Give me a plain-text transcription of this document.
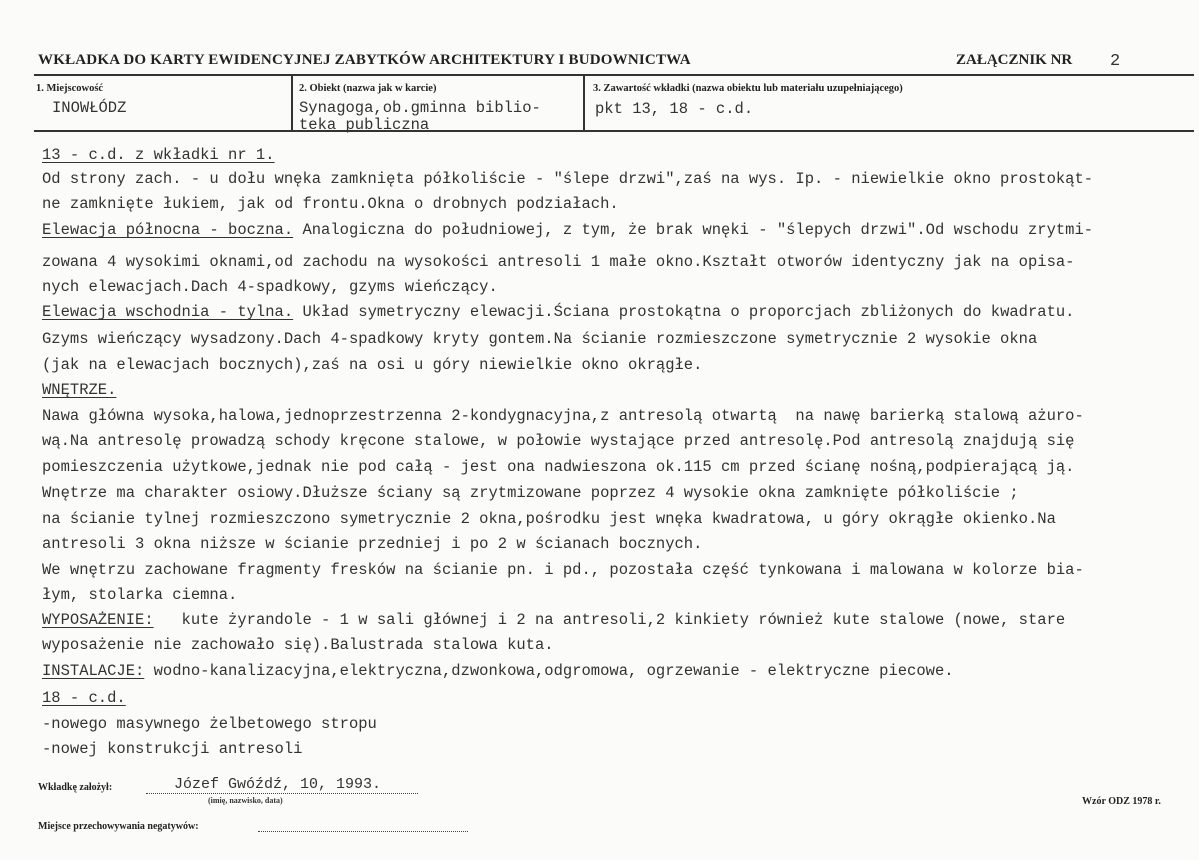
WKŁADKA DO KARTY EWIDENCYJNEJ ZABYTKÓW ARCHITEKTURY I BUDOWNICTWA	ZAŁĄCZNIK NR 2
1. Miejscowość
INOWŁÓDZ
2. Obiekt (nazwa jak w karcie)
Synagoga,ob.gminna biblio-
teka publiczna
3. Zawartość wkładki (nazwa obiektu lub materiału uzupełniającego)
pkt 13, 18 - c.d.
13 - c.d. z wkładki nr 1.
Od strony zach. - u dołu wnęka zamknięta półkoliście - "ślepe drzwi",zaś na wys. Ip. - niewielkie okno prostokąt-
ne zamknięte łukiem, jak od frontu.Okna o drobnych podziałach.
Elewacja północna - boczna. Analogiczna do południowej, z tym, że brak wnęki - "ślepych drzwi".Od wschodu zrytmi-
zowana 4 wysokimi oknami,od zachodu na wysokości antresoli 1 małe okno.Kształt otworów identyczny jak na opisa-
nych elewacjach.Dach 4-spadkowy, gzyms wieńczący.
Elewacja wschodnia - tylna. Układ symetryczny elewacji.Ściana prostokątna o proporcjach zbliżonych do kwadratu.
Gzyms wieńczący wysadzony.Dach 4-spadkowy kryty gontem.Na ścianie rozmieszczone symetrycznie 2 wysokie okna
(jak na elewacjach bocznych),zaś na osi u góry niewielkie okno okrągłe.
WNĘTRZE.
Nawa główna wysoka,halowa,jednoprzestrzenna 2-kondygnacyjna,z antresolą otwartą  na nawę barierką stalową ażuro-
wą.Na antresolę prowadzą schody kręcone stalowe, w połowie wystające przed antresolę.Pod antresolą znajdują się
pomieszczenia użytkowe,jednak nie pod całą - jest ona nadwieszona ok.115 cm przed ścianę nośną,podpierającą ją.
Wnętrze ma charakter osiowy.Dłuższe ściany są zrytmizowane poprzez 4 wysokie okna zamknięte półkoliście ;
na ścianie tylnej rozmieszczono symetrycznie 2 okna,pośrodku jest wnęka kwadratowa, u góry okrągłe okienko.Na
antresoli 3 okna niższe w ścianie przedniej i po 2 w ścianach bocznych.
We wnętrzu zachowane fragmenty fresków na ścianie pn. i pd., pozostała część tynkowana i malowana w kolorze bia-
łym, stolarka ciemna.
WYPOSAŻENIE:   kute żyrandole - 1 w sali głównej i 2 na antresoli,2 kinkiety również kute stalowe (nowe, stare
wyposażenie nie zachowało się).Balustrada stalowa kuta.
INSTALACJE: wodno-kanalizacyjna,elektryczna,dzwonkowa,odgromowa, ogrzewanie - elektryczne piecowe.
18 - c.d.
-nowego masywnego żelbetowego stropu
-nowej konstrukcji antresoli
Wkładkę założył:	Józef Gwóźdź, 10, 1993.
(imię, nazwisko, data)	Wzór ODZ 1978 r.
Miejsce przechowywania negatywów:
